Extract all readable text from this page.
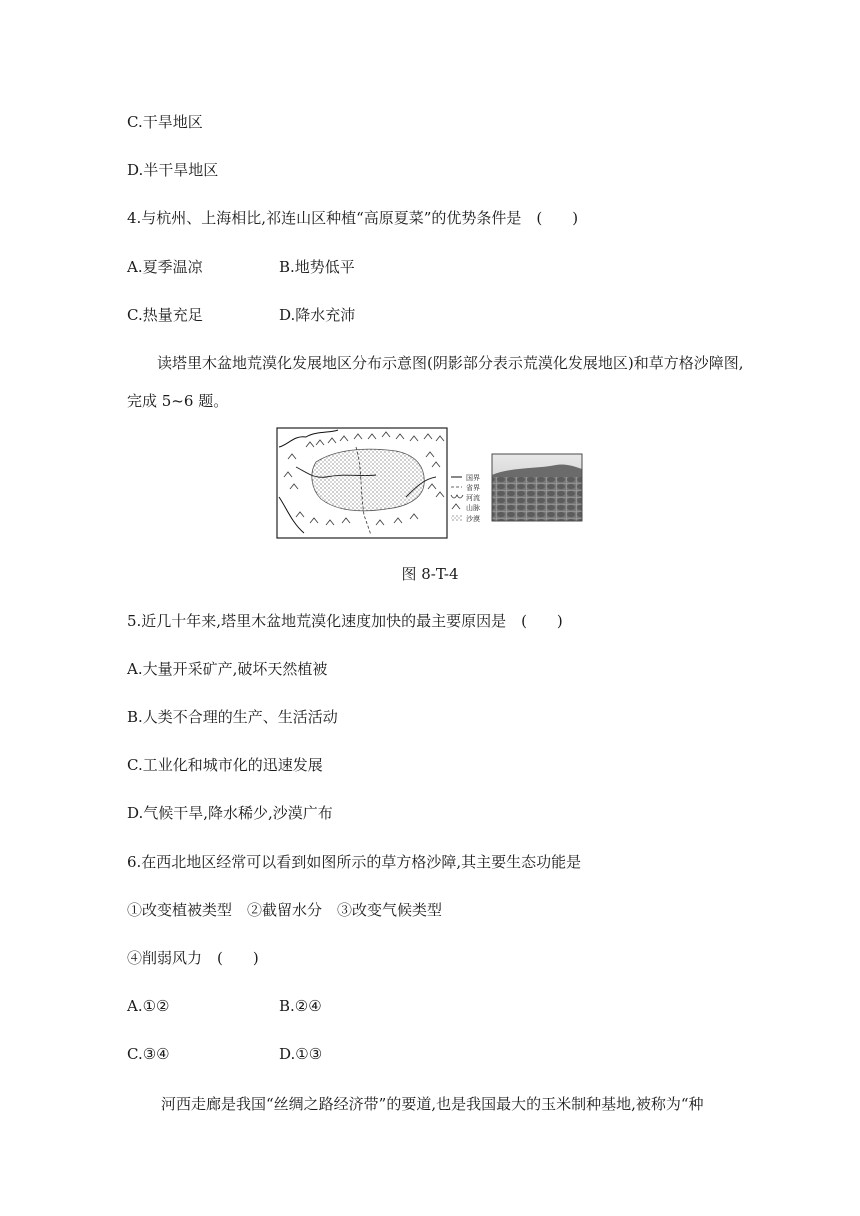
C.干旱地区
D.半干旱地区
4.与杭州、上海相比,祁连山区种植“高原夏菜”的优势条件是　(　　)
A.夏季温凉	B.地势低平
C.热量充足	D.降水充沛
读塔里木盆地荒漠化发展地区分布示意图(阴影部分表示荒漠化发展地区)和草方格沙障图,完成 5~6 题。
国界
省界
河流
山脉
沙漠
图 8-T-4
5.近几十年来,塔里木盆地荒漠化速度加快的最主要原因是　(　　)
A.大量开采矿产,破坏天然植被
B.人类不合理的生产、生活活动
C.工业化和城市化的迅速发展
D.气候干旱,降水稀少,沙漠广布
6.在西北地区经常可以看到如图所示的草方格沙障,其主要生态功能是
①改变植被类型　②截留水分　③改变气候类型
④削弱风力　(　　)
A.①②	B.②④
C.③④	D.①③
河西走廊是我国“丝绸之路经济带”的要道,也是我国最大的玉米制种基地,被称为“种
